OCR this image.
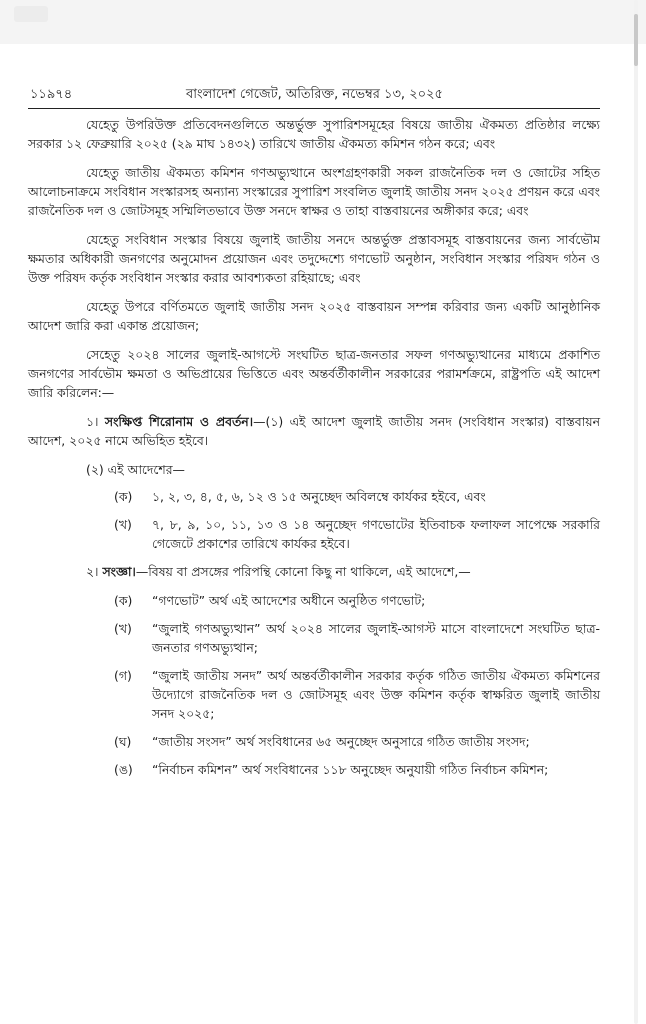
১১৯৭৪	বাংলাদেশ গেজেট, অতিরিক্ত, নভেম্বর ১৩, ২০২৫

যেহেতু উপরিউক্ত প্রতিবেদনগুলিতে অন্তর্ভুক্ত সুপারিশসমূহের বিষয়ে জাতীয় ঐকমত্য প্রতিষ্ঠার লক্ষ্যে সরকার ১২ ফেব্রুয়ারি ২০২৫ (২৯ মাঘ ১৪৩২) তারিখে জাতীয় ঐকমত্য কমিশন গঠন করে; এবং

যেহেতু জাতীয় ঐকমত্য কমিশন গণঅভ্যুত্থানে অংশগ্রহণকারী সকল রাজনৈতিক দল ও জোটের সহিত আলোচনাক্রমে সংবিধান সংস্কারসহ অন্যান্য সংস্কারের সুপারিশ সংবলিত জুলাই জাতীয় সনদ ২০২৫ প্রণয়ন করে এবং রাজনৈতিক দল ও জোটসমূহ সম্মিলিতভাবে উক্ত সনদে স্বাক্ষর ও তাহা বাস্তবায়নের অঙ্গীকার করে; এবং

যেহেতু সংবিধান সংস্কার বিষয়ে জুলাই জাতীয় সনদে অন্তর্ভুক্ত প্রস্তাবসমূহ বাস্তবায়নের জন্য সার্বভৌম ক্ষমতার অধিকারী জনগণের অনুমোদন প্রয়োজন এবং তদুদ্দেশ্যে গণভোট অনুষ্ঠান, সংবিধান সংস্কার পরিষদ গঠন ও উক্ত পরিষদ কর্তৃক সংবিধান সংস্কার করার আবশ্যকতা রহিয়াছে; এবং

যেহেতু উপরে বর্ণিতমতে জুলাই জাতীয় সনদ ২০২৫ বাস্তবায়ন সম্পন্ন করিবার জন্য একটি আনুষ্ঠানিক আদেশ জারি করা একান্ত প্রয়োজন;

সেহেতু ২০২৪ সালের জুলাই-আগস্টে সংঘটিত ছাত্র-জনতার সফল গণঅভ্যুত্থানের মাধ্যমে প্রকাশিত জনগণের সার্বভৌম ক্ষমতা ও অভিপ্রায়ের ভিত্তিতে এবং অন্তর্বর্তীকালীন সরকারের পরামর্শক্রমে, রাষ্ট্রপতি এই আদেশ জারি করিলেন:—

১। সংক্ষিপ্ত শিরোনাম ও প্রবর্তন।—(১) এই আদেশ জুলাই জাতীয় সনদ (সংবিধান সংস্কার) বাস্তবায়ন আদেশ, ২০২৫ নামে অভিহিত হইবে।

(২) এই আদেশের—

(ক)	১, ২, ৩, ৪, ৫, ৬, ১২ ও ১৫ অনুচ্ছেদ অবিলম্বে কার্যকর হইবে, এবং
(খ)	৭, ৮, ৯, ১০, ১১, ১৩ ও ১৪ অনুচ্ছেদ গণভোটের ইতিবাচক ফলাফল সাপেক্ষে সরকারি গেজেটে প্রকাশের তারিখে কার্যকর হইবে।

২। সংজ্ঞা।—বিষয় বা প্রসঙ্গের পরিপন্থি কোনো কিছু না থাকিলে, এই আদেশে,—

(ক)	“গণভোট” অর্থ এই আদেশের অধীনে অনুষ্ঠিত গণভোট;
(খ)	“জুলাই গণঅভ্যুত্থান” অর্থ ২০২৪ সালের জুলাই-আগস্ট মাসে বাংলাদেশে সংঘটিত ছাত্র-জনতার গণঅভ্যুত্থান;
(গ)	“জুলাই জাতীয় সনদ” অর্থ অন্তর্বর্তীকালীন সরকার কর্তৃক গঠিত জাতীয় ঐকমত্য কমিশনের উদ্যোগে রাজনৈতিক দল ও জোটসমূহ এবং উক্ত কমিশন কর্তৃক স্বাক্ষরিত জুলাই জাতীয় সনদ ২০২৫;
(ঘ)	“জাতীয় সংসদ” অর্থ সংবিধানের ৬৫ অনুচ্ছেদ অনুসারে গঠিত জাতীয় সংসদ;
(ঙ)	“নির্বাচন কমিশন” অর্থ সংবিধানের ১১৮ অনুচ্ছেদ অনুযায়ী গঠিত নির্বাচন কমিশন;
